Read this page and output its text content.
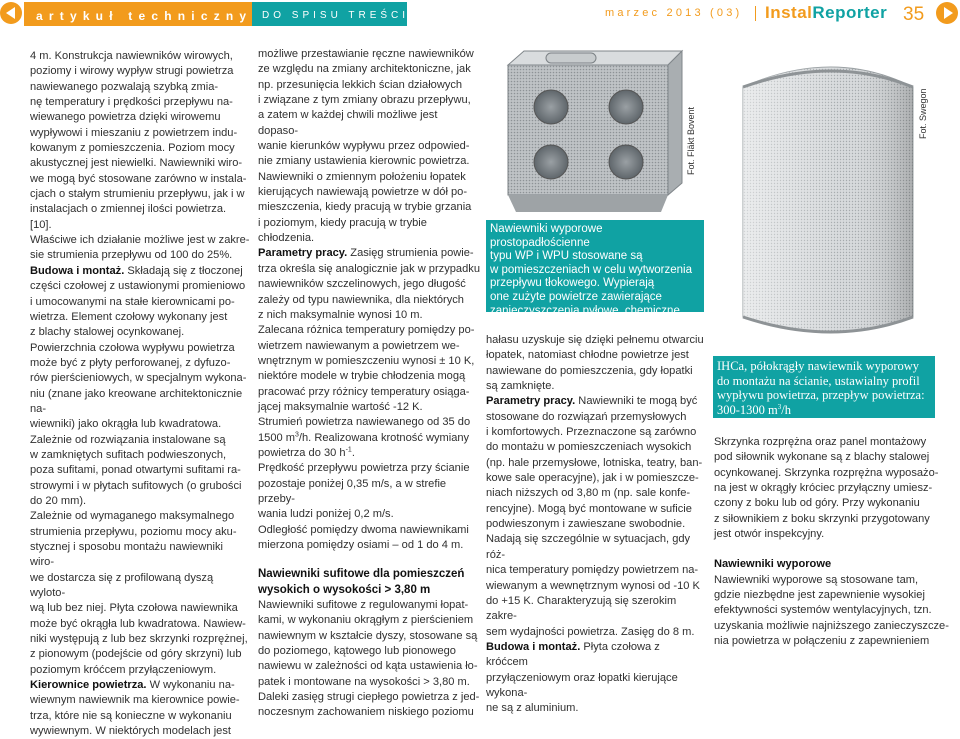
artykuł techniczny DO SPISU TREŚCI	marzec 2013 (03) InstalReporter 35

4 m. Konstrukcja nawiewników wirowych,

poziomy i wirowy wypływ strugi powietrza

nawiewanego pozwalają szybką zmia-

nę temperatury i prędkości przepływu na-

wiewanego powietrza dzięki wirowemu

wypływowi i mieszaniu z powietrzem indu-

kowanym z pomieszczenia. Poziom mocy

akustycznej jest niewielki. Nawiewniki wiro-

we mogą być stosowane zarówno w instala-

cjach o stałym strumieniu przepływu, jak i w

instalacjach o zmiennej ilości powietrza. [10].

Właściwe ich działanie możliwe jest w zakre-

sie strumienia przepływu od 100 do 25%.

Budowa i montaż. Składają się z tłoczonej

części czołowej z ustawionymi promieniowo

i umocowanymi na stałe kierownicami po-

wietrza. Element czołowy wykonany jest

z blachy stalowej ocynkowanej.

Powierzchnia czołowa wypływu powietrza

może być z płyty perforowanej, z dyfuzo-

rów pierścieniowych, w specjalnym wykona-

niu (znane jako kreowane architektonicznie na-

wiewniki) jako okrągła lub kwadratowa.

Zależnie od rozwiązania instalowane są

w zamkniętych sufitach podwieszonych,

poza sufitami, ponad otwartymi sufitami ra-

strowymi i w płytach sufitowych (o grubości

do 20 mm).

Zależnie od wymaganego maksymalnego

strumienia przepływu, poziomu mocy aku-

stycznej i sposobu montażu nawiewniki wiro-

we dostarcza się z profilowaną dyszą wyloto-

wą lub bez niej. Płyta czołowa nawiewnika

może być okrągła lub kwadratowa. Nawiew-

niki występują z lub bez skrzynki rozprężnej,

z pionowym (podejście od góry skrzyni) lub

poziomym króćcem przyłączeniowym.

Kierownice powietrza. W wykonaniu na-

wiewnym nawiewnik ma kierownice powie-

trza, które nie są konieczne w wykonaniu

wywiewnym. W niektórych modelach jest

możliwe przestawianie ręczne nawiewników

ze względu na zmiany architektoniczne, jak

np. przesunięcia lekkich ścian działowych

i związane z tym zmiany obrazu przepływu,

a zatem w każdej chwili możliwe jest dopaso-

wanie kierunków wypływu przez odpowied-

nie zmiany ustawienia kierownic powietrza.

Nawiewniki o zmiennym położeniu łopatek

kierujących nawiewają powietrze w dół po-

mieszczenia, kiedy pracują w trybie grzania

i poziomym, kiedy pracują w trybie chłodzenia.

Parametry pracy. Zasięg strumienia powie-

trza określa się analogicznie jak w przypadku

nawiewników szczelinowych, jego długość

zależy od typu nawiewnika, dla niektórych

z nich maksymalnie wynosi 10 m.

Zalecana różnica temperatury pomiędzy po-

wietrzem nawiewanym a powietrzem we-

wnętrznym w pomieszczeniu wynosi ± 10 K,

niektóre modele w trybie chłodzenia mogą

pracować przy różnicy temperatury osiąga-

jącej maksymalnie wartość -12 K.

Strumień powietrza nawiewanego od 35 do

1500 $m^3/h$. Realizowana krotność wymiany

powietrza do 30 $h^{-1}$.

Prędkość przepływu powietrza przy ścianie

pozostaje poniżej 0,35 m/s, a w strefie przeby-

wania ludzi poniżej 0,2 m/s.

Odległość pomiędzy dwoma nawiewnikami

mierzona pomiędzy osiami – od 1 do 4 m.

Nawiewniki sufitowe dla pomieszczeń

wysokich o wysokości > 3,80 m

Nawiewniki sufitowe z regulowanymi łopat-

kami, w wykonaniu okrągłym z pierścieniem

nawiewnym w kształcie dyszy, stosowane są

do poziomego, kątowego lub pionowego

nawiewu w zależności od kąta ustawienia ło-

patek i montowane na wysokości > 3,80 m.

Daleki zasięg strugi ciepłego powietrza z jed-

noczesnym zachowaniem niskiego poziomu

Fot. Fläkt Bovent

Nawiewniki wyporowe prostopadłościenne

typu WP i WPU stosowane są

w pomieszczeniach w celu wytworzenia

przepływu tłokowego. Wypierają

one zużyte powietrze zawierające

zanieczyszczenia pyłowe, chemiczne,

zapachowe w kierunku wyciągów

hałasu uzyskuje się dzięki pełnemu otwarciu

łopatek, natomiast chłodne powietrze jest

nawiewane do pomieszczenia, gdy łopatki

są zamknięte.

Parametry pracy. Nawiewniki te mogą być

stosowane do rozwiązań przemysłowych

i komfortowych. Przeznaczone są zarówno

do montażu w pomieszczeniach wysokich

(np. hale przemysłowe, lotniska, teatry, ban-

kowe sale operacyjne), jak i w pomieszcze-

niach niższych od 3,80 m (np. sale konfe-

rencyjne). Mogą być montowane w suficie

podwieszonym i zawieszane swobodnie.

Nadają się szczególnie w sytuacjach, gdy róż-

nica temperatury pomiędzy powietrzem na-

wiewanym a wewnętrznym wynosi od -10 K

do +15 K. Charakteryzują się szerokim zakre-

sem wydajności powietrza. Zasięg do 8 m.

Budowa i montaż. Płyta czołowa z króćcem

przyłączeniowym oraz łopatki kierujące wykona-

ne są z aluminium.

Fot. Swegon

IHCa, półokrągły nawiewnik wyporowy

do montażu na ścianie, ustawialny profil

wypływu powietrza, przepływ powietrza:

300-1300 $m^3/h$

Skrzynka rozprężna oraz panel montażowy

pod siłownik wykonane są z blachy stalowej

ocynkowanej. Skrzynka rozprężna wyposażo-

na jest w okrągły króciec przyłączny umiesz-

czony z boku lub od góry. Przy wykonaniu

z siłownikiem z boku skrzynki przygotowany

jest otwór inspekcyjny.

Nawiewniki wyporowe

Nawiewniki wyporowe są stosowane tam,

gdzie niezbędne jest zapewnienie wysokiej

efektywności systemów wentylacyjnych, tzn.

uzyskania możliwie najniższego zanieczyszcze-

nia powietrza w połączeniu z zapewnieniem
